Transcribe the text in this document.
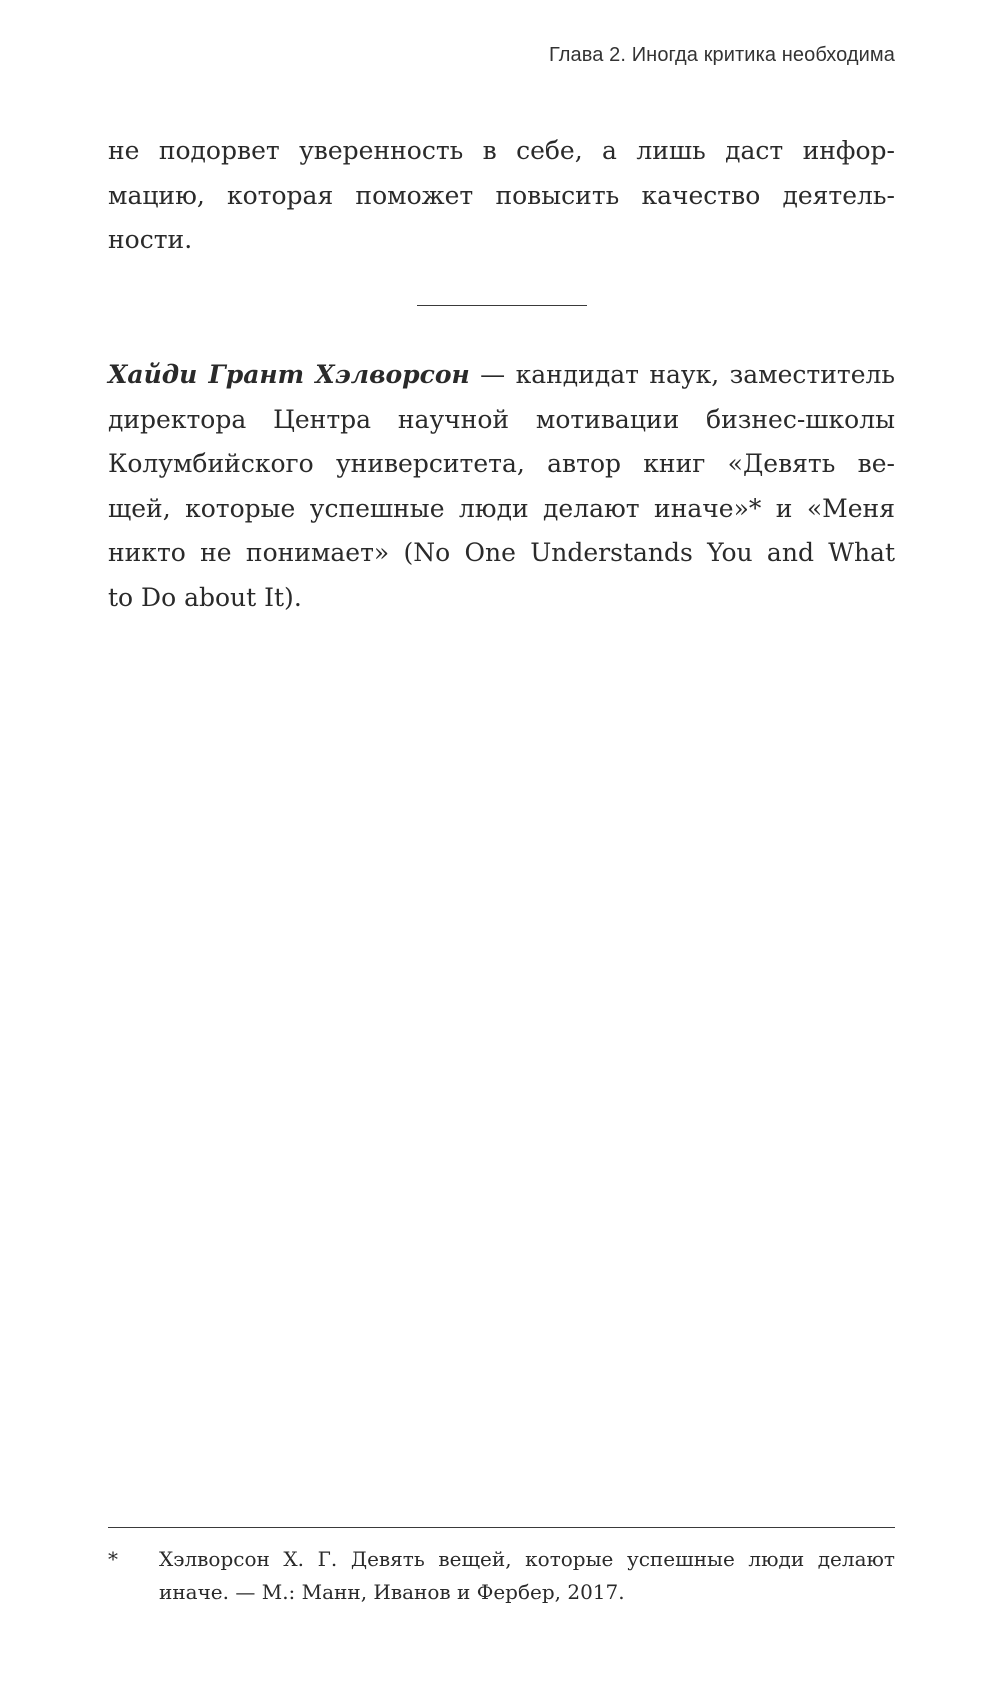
Глава 2. Иногда критика необходима
не подорвет уверенность в себе, а лишь даст инфор-
мацию, которая поможет повысить качество деятель-
ности.
Хайди Грант Хэлворсон — кандидат наук, заместитель
директора Центра научной мотивации бизнес-школы
Колумбийского университета, автор книг «Девять ве-
щей, которые успешные люди делают иначе»* и «Меня
никто не понимает» (No One Understands You and What
to Do about It).
* Хэлворсон Х. Г. Девять вещей, которые успешные люди делают
иначе. — М.: Манн, Иванов и Фербер, 2017.
